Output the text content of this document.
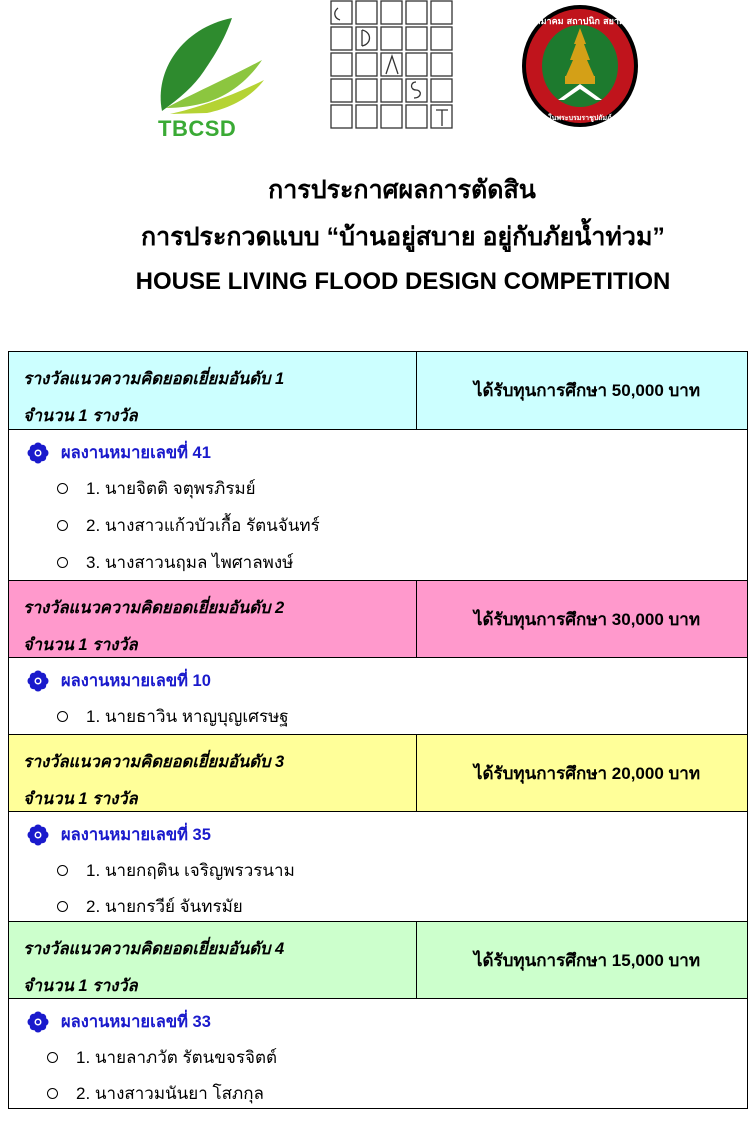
TBCSD
สมาคม สถาปนิก สยาม
ในพระบรมราชูปถัมภ์
การประกาศผลการตัดสิน
การประกวดแบบ “บ้านอยู่สบาย อยู่กับภัยน้ำท่วม”
HOUSE LIVING FLOOD DESIGN COMPETITION
รางวัลแนวความคิดยอดเยี่ยมอันดับ 1
จำนวน 1 รางวัล
ได้รับทุนการศึกษา 50,000 บาท
ผลงานหมายเลขที่ 41
1. นายจิตติ จตุพรภิรมย์
2. นางสาวแก้วบัวเกื้อ รัตนจันทร์
3. นางสาวนฤมล ไพศาลพงษ์
รางวัลแนวความคิดยอดเยี่ยมอันดับ 2
จำนวน 1 รางวัล
ได้รับทุนการศึกษา 30,000 บาท
ผลงานหมายเลขที่ 10
1. นายธาวิน หาญบุญเศรษฐ
รางวัลแนวความคิดยอดเยี่ยมอันดับ 3
จำนวน 1 รางวัล
ได้รับทุนการศึกษา 20,000 บาท
ผลงานหมายเลขที่ 35
1. นายกฤติน เจริญพรวรนาม
2. นายกรวีย์ จันทรมัย
รางวัลแนวความคิดยอดเยี่ยมอันดับ 4
จำนวน 1 รางวัล
ได้รับทุนการศึกษา 15,000 บาท
ผลงานหมายเลขที่ 33
1. นายลาภวัต รัตนขจรจิตต์
2. นางสาวมนันยา โสภกุล
